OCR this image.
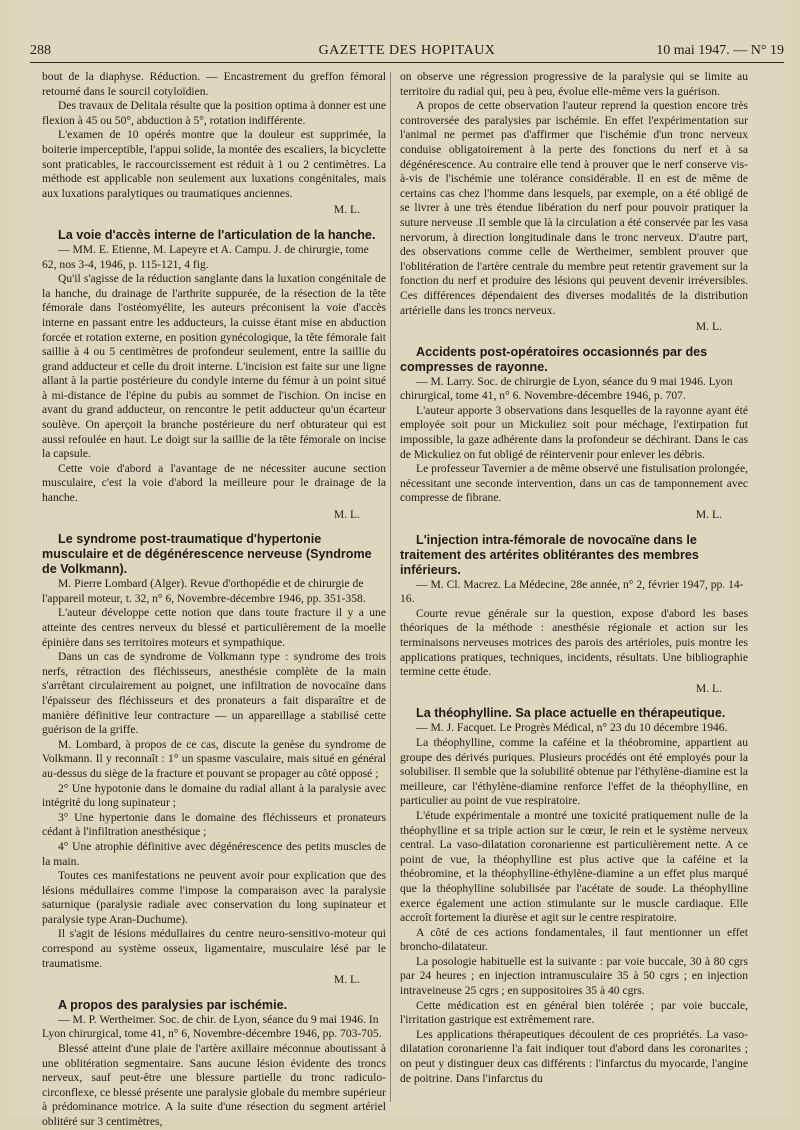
288	GAZETTE DES HOPITAUX	10 mai 1947. — N° 19

bout de la diaphyse. Réduction. — Encastrement du greffon fémoral retourné dans le sourcil cotyloïdien.

Des travaux de Delitala résulte que la position optima à donner est une flexion à 45 ou 50°, abduction à 5°, rotation indifférente.

L'examen de 10 opérés montre que la douleur est supprimée, la boiterie imperceptible, l'appui solide, la montée des escaliers, la bicyclette sont praticables, le raccourcissement est réduit à 1 ou 2 centimètres. La méthode est applicable non seulement aux luxations congénitales, mais aux luxations paralytiques ou traumatiques anciennes.

M. L.

La voie d'accès interne de l'articulation de la hanche.

— MM. E. Etienne, M. Lapeyre et A. Campu. J. de chirurgie, tome 62, nos 3-4, 1946, p. 115-121, 4 fig.

Qu'il s'agisse de la réduction sanglante dans la luxation congénitale de la hanche, du drainage de l'arthrite suppurée, de la résection de la tête fémorale dans l'ostéomyélite, les auteurs préconisent la voie d'accès interne en passant entre les adducteurs, la cuisse étant mise en abduction forcée et rotation externe, en position gynécologique, la tête fémorale fait saillie à 4 ou 5 centimètres de profondeur seulement, entre la saillie du grand adducteur et celle du droit interne. L'incision est faite sur une ligne allant à la partie postérieure du condyle interne du fémur à un point situé à mi-distance de l'épine du pubis au sommet de l'ischion. On incise en avant du grand adducteur, on rencontre le petit adducteur qu'un écarteur soulève. On aperçoit la branche postérieure du nerf obturateur qui est aussi refoulée en haut. Le doigt sur la saillie de la tête fémorale on incise la capsule.

Cette voie d'abord a l'avantage de ne nécessiter aucune section musculaire, c'est la voie d'abord la meilleure pour le drainage de la hanche.

M. L.

Le syndrome post-traumatique d'hypertonie musculaire et de dégénérescence nerveuse (Syndrome de Volkmann).

M. Pierre Lombard (Alger). Revue d'orthopédie et de chirurgie de l'appareil moteur, t. 32, n° 6, Novembre-décembre 1946, pp. 351-358.

L'auteur développe cette notion que dans toute fracture il y a une atteinte des centres nerveux du blessé et particulièrement de la moelle épinière dans ses territoires moteurs et sympathique.

Dans un cas de syndrome de Volkmann type : syndrome des trois nerfs, rétraction des fléchisseurs, anesthésie complète de la main s'arrêtant circulairement au poignet, une infiltration de novocaïne dans l'épaisseur des fléchisseurs et des pronateurs a fait disparaître et de manière définitive leur contracture — un appareillage a stabilisé cette guérison de la griffe.

M. Lombard, à propos de ce cas, discute la genèse du syndrome de Volkmann. Il y reconnaît : 1° un spasme vasculaire, mais situé en général au-dessus du siège de la fracture et pouvant se propager au côté opposé ;

2° Une hypotonie dans le domaine du radial allant à la paralysie avec intégrité du long supinateur ;

3° Une hypertonie dans le domaine des fléchisseurs et pronateurs cédant à l'infiltration anesthésique ;

4° Une atrophie définitive avec dégénérescence des petits muscles de la main.

Toutes ces manifestations ne peuvent avoir pour explication que des lésions médullaires comme l'impose la comparaison avec la paralysie saturnique (paralysie radiale avec conservation du long supinateur et paralysie type Aran-Duchume).

Il s'agit de lésions médullaires du centre neuro-sensitivo-moteur qui correspond au système osseux, ligamentaire, musculaire lésé par le traumatisme.

M. L.

A propos des paralysies par ischémie.

— M. P. Wertheimer. Soc. de chir. de Lyon, séance du 9 mai 1946. In Lyon chirurgical, tome 41, n° 6, Novembre-décembre 1946, pp. 703-705.

Blessé atteint d'une plaie de l'artère axillaire méconnue aboutissant à une oblitération segmentaire. Sans aucune lésion évidente des troncs nerveux, sauf peut-être une blessure partielle du tronc radiculo-circonflexe, ce blessé présente une paralysie globale du membre supérieur à prédominance motrice. A la suite d'une résection du segment artériel oblitéré sur 3 centimètres,

on observe une régression progressive de la paralysie qui se limite au territoire du radial qui, peu à peu, évolue elle-même vers la guérison.

A propos de cette observation l'auteur reprend la question encore très controversée des paralysies par ischémie. En effet l'expérimentation sur l'animal ne permet pas d'affirmer que l'ischémie d'un tronc nerveux conduise obligatoirement à la perte des fonctions du nerf et à sa dégénérescence. Au contraire elle tend à prouver que le nerf conserve vis-à-vis de l'ischémie une tolérance considérable. Il en est de même de certains cas chez l'homme dans lesquels, par exemple, on a été obligé de se livrer à une très étendue libération du nerf pour pouvoir pratiquer la suture nerveuse .Il semble que là la circulation a été conservée par les vasa nervorum, à direction longitudinale dans le tronc nerveux. D'autre part, des observations comme celle de Wertheimer, semblent prouver que l'oblitération de l'artère centrale du membre peut retentir gravement sur la fonction du nerf et produire des lésions qui peuvent devenir irréversibles. Ces différences dépendaient des diverses modalités de la distribution artérielle dans les troncs nerveux.

M. L.

Accidents post-opératoires occasionnés par des compresses de rayonne.

— M. Larry. Soc. de chirurgie de Lyon, séance du 9 mai 1946. Lyon chirurgical, tome 41, n° 6. Novembre-décembre 1946, p. 707.

L'auteur apporte 3 observations dans lesquelles de la rayonne ayant été employée soit pour un Mickuliez soit pour méchage, l'extirpation fut impossible, la gaze adhérente dans la profondeur se déchirant. Dans le cas de Mickuliez on fut obligé de réintervenir pour enlever les débris.

Le professeur Tavernier a de même observé une fistulisation prolongée, nécessitant une seconde intervention, dans un cas de tamponnement avec compresse de fibrane.

M. L.

L'injection intra-fémorale de novocaïne dans le traitement des artérites oblitérantes des membres inférieurs.

— M. Cl. Macrez. La Médecine, 28e année, n° 2, février 1947, pp. 14-16.

Courte revue générale sur la question, expose d'abord les bases théoriques de la méthode : anesthésie régionale et action sur les terminaisons nerveuses motrices des parois des artérioles, puis montre les applications pratiques, techniques, incidents, résultats. Une bibliographie termine cette étude.

M. L.

La théophylline. Sa place actuelle en thérapeutique.

— M. J. Facquet. Le Progrès Médical, n° 23 du 10 décembre 1946.

La théophylline, comme la caféine et la théobromine, appartient au groupe des dérivés puriques. Plusieurs procédés ont été employés pour la solubiliser. Il semble que la solubilité obtenue par l'éthylène-diamine est la meilleure, car l'éthylène-diamine renforce l'effet de la théophylline, en particulier au point de vue respiratoire.

L'étude expérimentale a montré une toxicité pratiquement nulle de la théophylline et sa triple action sur le cœur, le rein et le système nerveux central. La vaso-dilatation coronarienne est particulièrement nette. A ce point de vue, la théophylline est plus active que la caféine et la théobromine, et la théophylline-éthylène-diamine a un effet plus marqué que la théophylline solubilisée par l'acétate de soude. La théophylline exerce également une action stimulante sur le muscle cardiaque. Elle accroît fortement la diurèse et agit sur le centre respiratoire.

A côté de ces actions fondamentales, il faut mentionner un effet broncho-dilatateur.

La posologie habituelle est la suivante : par voie buccale, 30 à 80 cgrs par 24 heures ; en injection intramusculaire 35 à 50 cgrs ; en injection intraveineuse 25 cgrs ; en suppositoires 35 à 40 cgrs.

Cette médication est en général bien tolérée ; par voie buccale, l'irritation gastrique est extrêmement rare.

Les applications thérapeutiques découlent de ces propriétés. La vaso-dilatation coronarienne l'a fait indiquer tout d'abord dans les coronarites ; on peut y distinguer deux cas différents : l'infarctus du myocarde, l'angine de poitrine. Dans l'infarctus du
